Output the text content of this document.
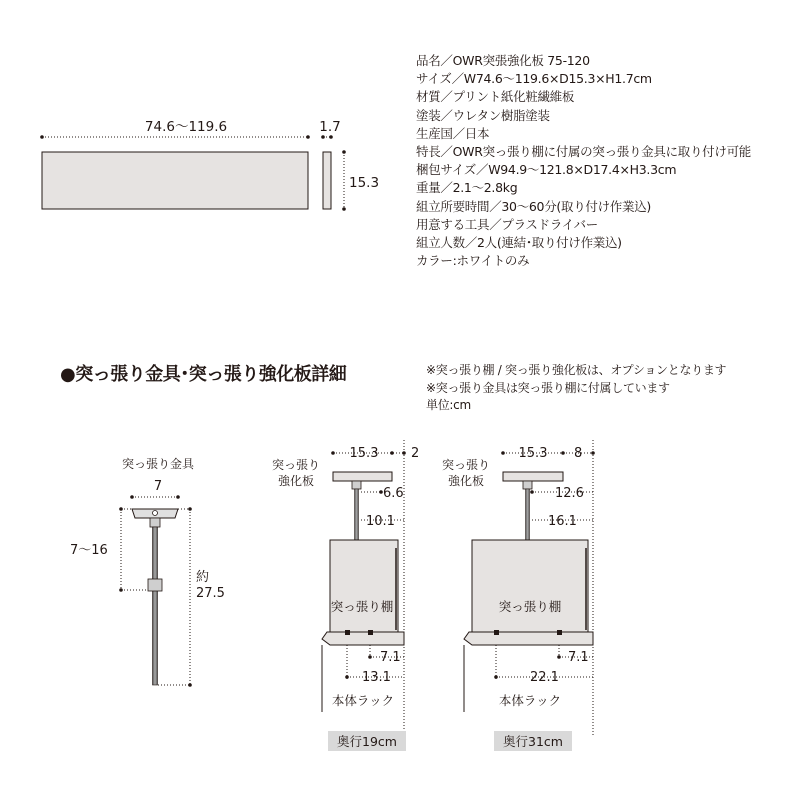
品名／OWR突張強化板 75-120
サイズ／W74.6〜119.6×D15.3×H1.7cm
材質／プリント紙化粧繊維板
塗装／ウレタン樹脂塗装
生産国／日本
特長／OWR突っ張り棚に付属の突っ張り金具に取り付け可能
梱包サイズ／W94.9〜121.8×D17.4×H3.3cm
重量／2.1〜2.8kg
組立所要時間／30〜60分(取り付け作業込)
用意する工具／プラスドライバー
組立人数／2人(連結･取り付け作業込)
カラー:ホワイトのみ
●突っ張り金具･突っ張り強化板詳細	※突っ張り棚 / 突っ張り強化板は、オプションとなります
※突っ張り金具は突っ張り棚に付属しています
単位:cm
74.6〜119.6	1.7
15.3
突っ張り金具
7
7〜16
約
27.5
15.3	2
突っ張り
強化板
6.6
10.1
突っ張り棚
7.1
13.1
本体ラック
奥行19cm
15.3 8
突っ張り
強化板
12.6
16.1
突っ張り棚
7.1
22.1
本体ラック
奥行31cm
